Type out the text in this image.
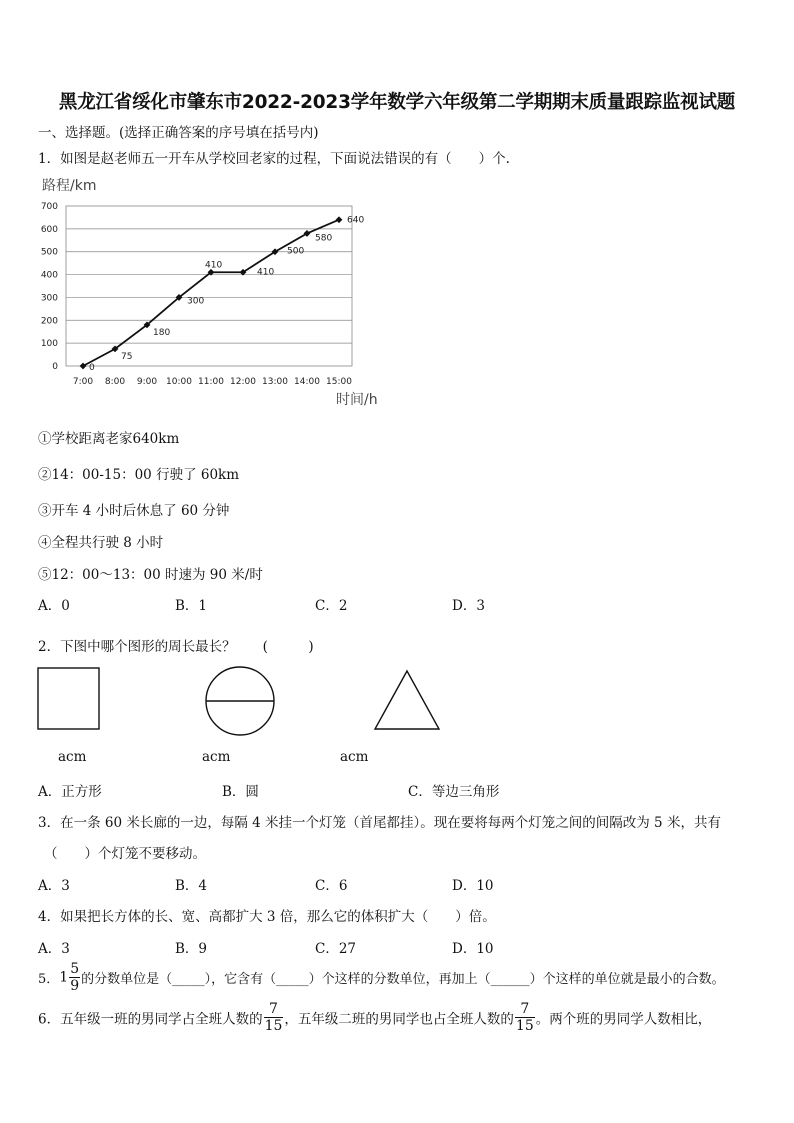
黑龙江省绥化市肇东市2022-2023学年数学六年级第二学期期末质量跟踪监视试题
一、选择题。(选择正确答案的序号填在括号内)
1．如图是赵老师五一开车从学校回老家的过程，下面说法错误的有（　　）个.
0
100
200
300
400
500
600
700
7:00 8:00 9:00 10:00 11:00 12:00 13:00 14:00 15:00
0
75
180
300
410
410
500
580
640
路程/km
时间/h
①学校距离老家640km
②14：00-15：00 行驶了 60km
③开车 4 小时后休息了 60 分钟
④全程共行驶 8 小时
⑤12：00～13：00 时速为 90 米/时
A．0	B．1	C．2	D．3
2．下图中哪个图形的周长最长？　　(　　　)
acm	acm	acm
A．正方形	B．圆	C．等边三角形
3．在一条 60 米长廊的一边，每隔 4 米挂一个灯笼（首尾都挂）。现在要将每两个灯笼之间的间隔改为 5 米，共有
（　　）个灯笼不要移动。
A．3	B．4	C．6	D．10
4．如果把长方体的长、宽、高都扩大 3 倍，那么它的体积扩大（　　）倍。
A．3	B．9	C．27	D．10
5．$1 \frac{5}{9}$ 的分数单位是（_____），它含有（_____）个这样的分数单位，再加上（______）个这样的单位就是最小的合数。
6．五年级一班的男同学占全班人数的 $\frac{7}{15}$ ，五年级二班的男同学也占全班人数的 $\frac{7}{15}$ 。两个班的男同学人数相比，
